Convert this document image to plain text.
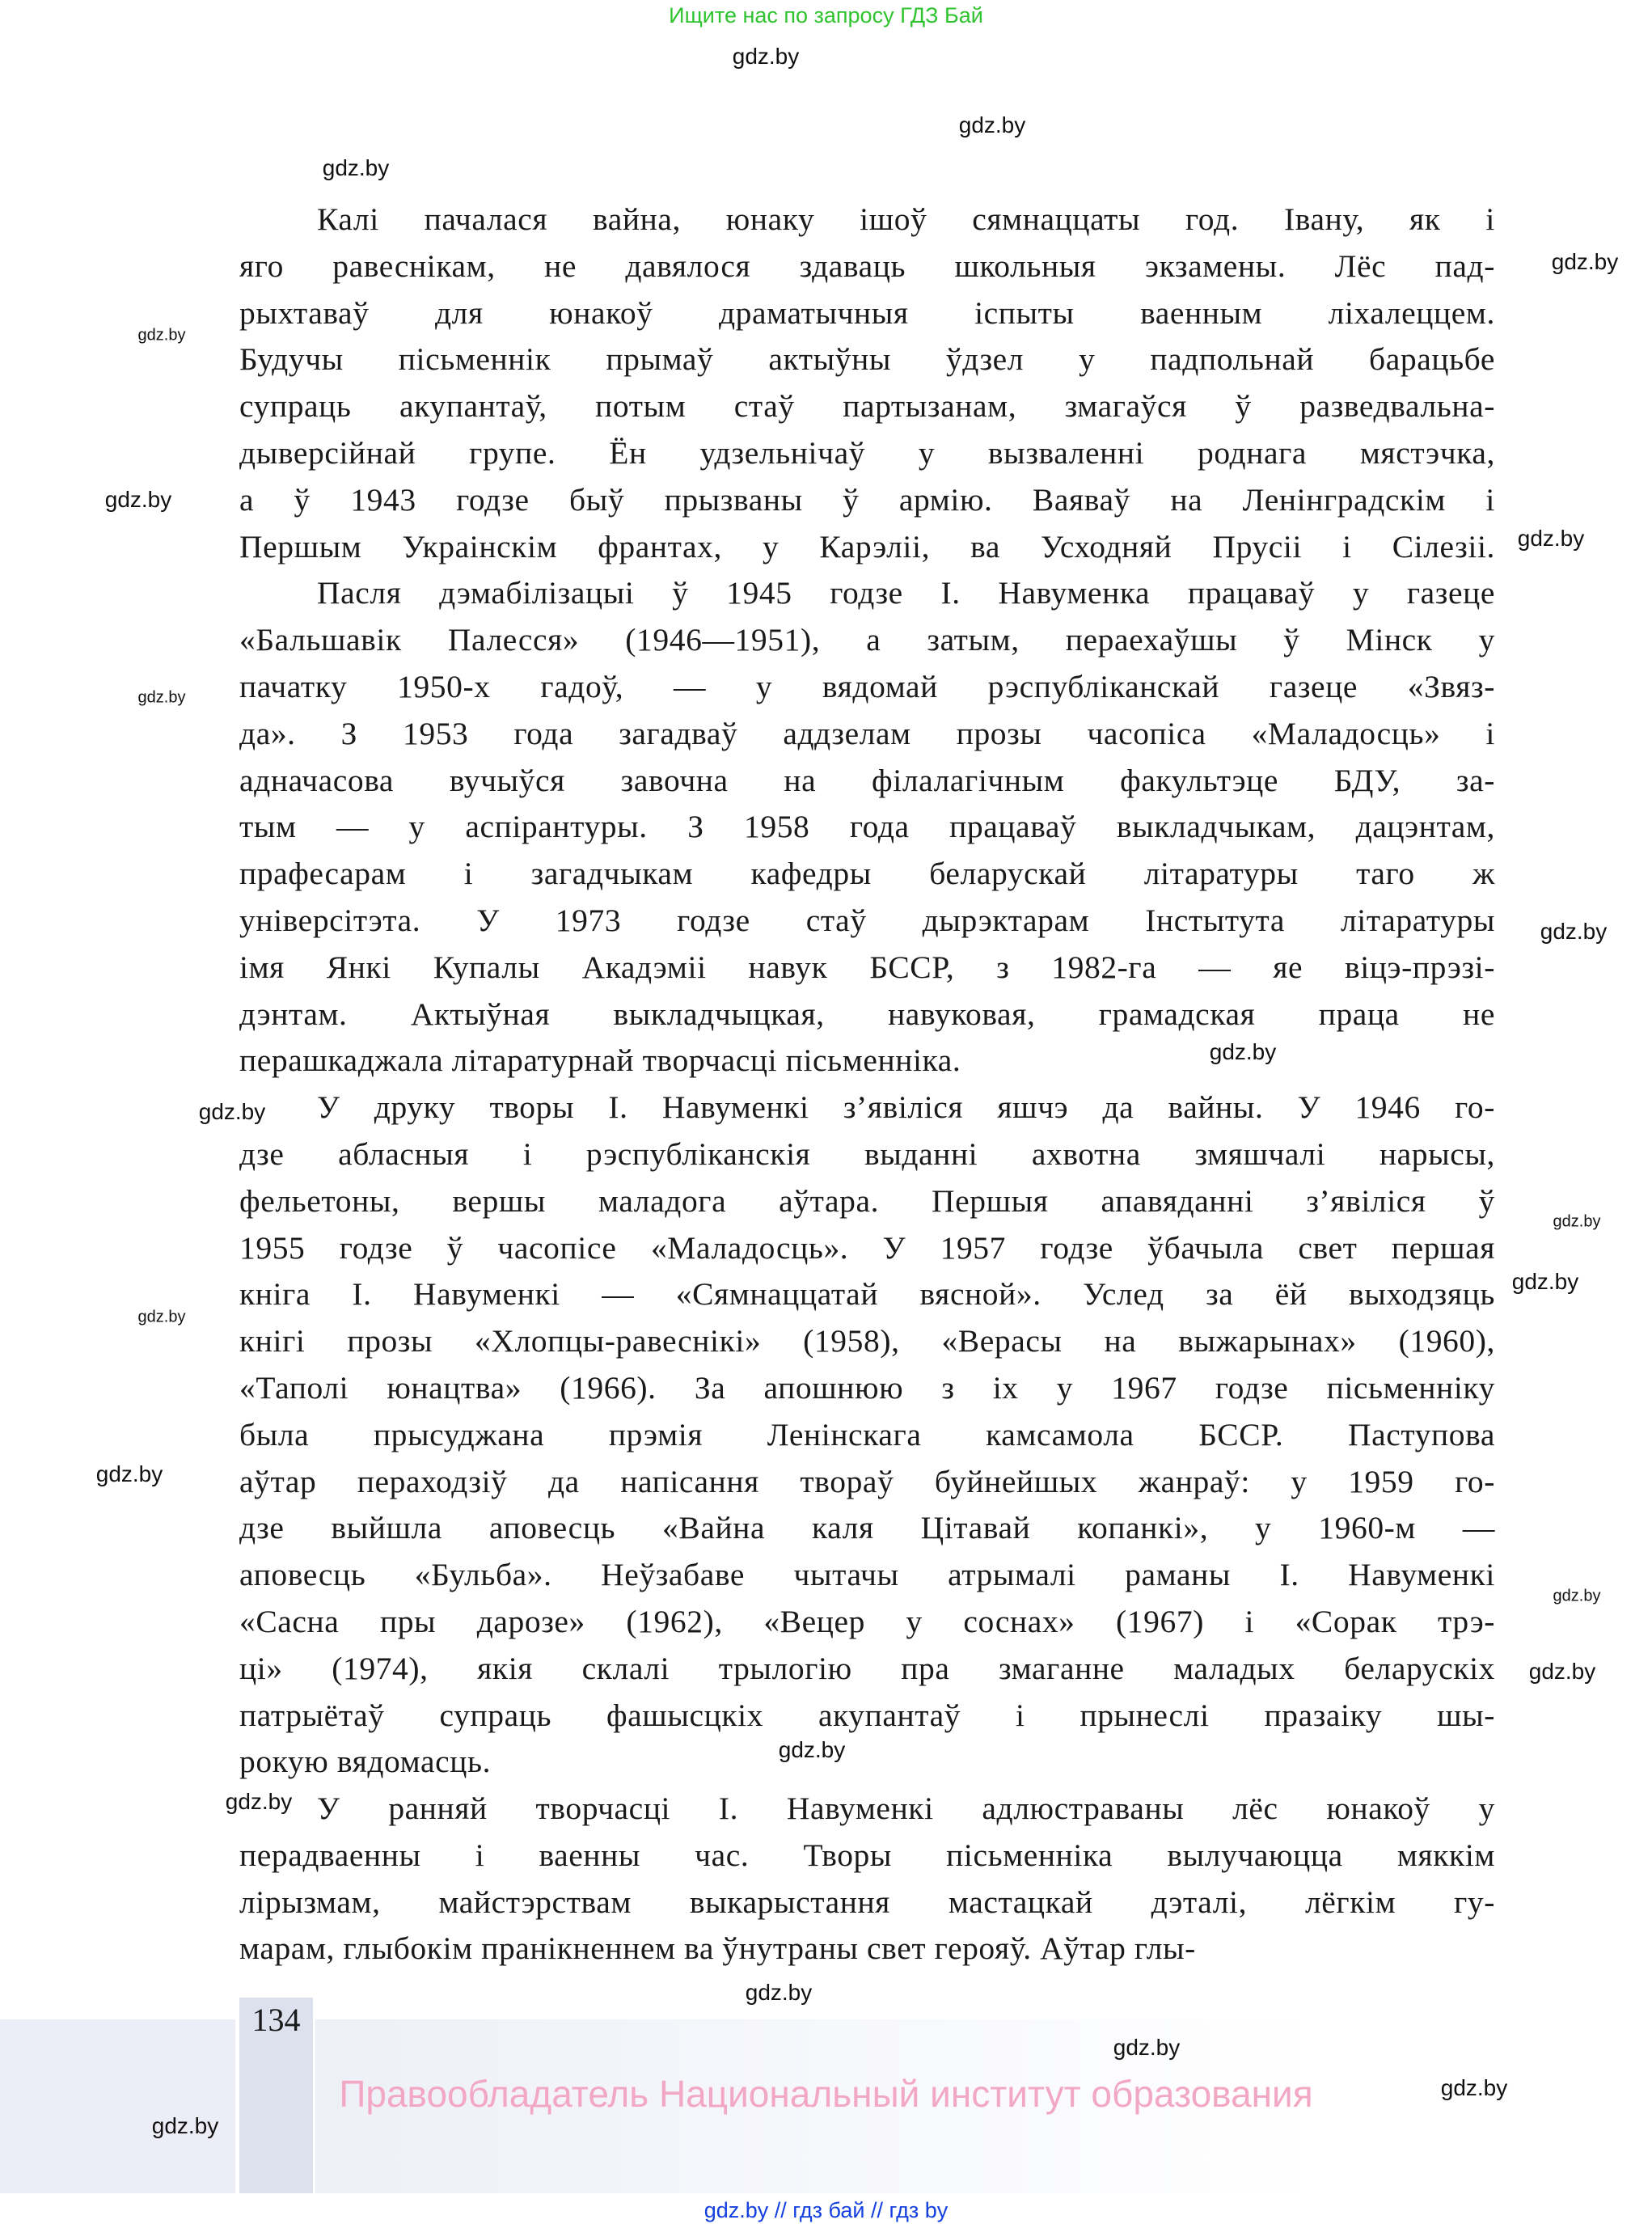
Ищите нас по запросу ГДЗ Бай
Калі пачалася вайна, юнаку ішоў сямнаццаты год. Івану, як і
яго равеснікам, не давялося здаваць школьныя экзамены. Лёс пад-
рыхтаваў для юнакоў драматычныя іспыты ваенным ліхалеццем.
Будучы пісьменнік прымаў актыўны ўдзел у падпольнай барацьбе
супраць акупантаў, потым стаў партызанам, змагаўся ў разведвальна-
дыверсійнай групе. Ён удзельнічаў у вызваленні роднага мястэчка,
а ў 1943 годзе быў прызваны ў армію. Ваяваў на Ленінградскім і
Першым Украінскім франтах, у Карэліі, ва Усходняй Прусіі і Сілезіі.
Пасля дэмабілізацыі ў 1945 годзе І. Навуменка працаваў у газеце
«Бальшавік Палесся» (1946—1951), а затым, пераехаўшы ў Мінск у
пачатку 1950-х гадоў, — у вядомай рэспубліканскай газеце «Звяз-
да». З 1953 года загадваў аддзелам прозы часопіса «Маладосць» і
адначасова вучыўся завочна на філалагічным факультэце БДУ, за-
тым — у аспірантуры. З 1958 года працаваў выкладчыкам, дацэнтам,
прафесарам і загадчыкам кафедры беларускай літаратуры таго ж
універсітэта. У 1973 годзе стаў дырэктарам Інстытута літаратуры
імя Янкі Купалы Акадэміі навук БССР, з 1982-га — яе віцэ-прэзі-
дэнтам. Актыўная выкладчыцкая, навуковая, грамадская праца не
перашкаджала літаратурнай творчасці пісьменніка.
У друку творы І. Навуменкі з’явіліся яшчэ да вайны. У 1946 го-
дзе абласныя і рэспубліканскія выданні ахвотна змяшчалі нарысы,
фельетоны, вершы маладога аўтара. Першыя апавяданні з’явіліся ў
1955 годзе ў часопісе «Маладосць». У 1957 годзе ўбачыла свет першая
кніга І. Навуменкі — «Сямнаццатай вясной». Услед за ёй выходзяць
кнігі прозы «Хлопцы-равеснікі» (1958), «Верасы на выжарынах» (1960),
«Таполі юнацтва» (1966). За апошнюю з іх у 1967 годзе пісьменніку
была прысуджана прэмія Ленінскага камсамола БССР. Паступова
аўтар пераходзіў да напісання твораў буйнейшых жанраў: у 1959 го-
дзе выйшла аповесць «Вайна каля Цітавай копанкі», у 1960-м —
аповесць «Бульба». Неўзабаве чытачы атрымалі раманы І. Навуменкі
«Сасна пры дарозе» (1962), «Вецер у соснах» (1967) і «Сорак трэ-
ці» (1974), якія склалі трылогію пра змаганне маладых беларускіх
патрыётаў супраць фашысцкіх акупантаў і прынеслі празаіку шы-
рокую вядомасць.
У ранняй творчасці І. Навуменкі адлюстраваны лёс юнакоў у
перадваенны і ваенны час. Творы пісьменніка вылучаюцца мяккім
лірызмам, майстэрствам выкарыстання мастацкай дэталі, лёгкім гу-
марам, глыбокім пранікненнем ва ўнутраны свет герояў. Аўтар глы-
134
Правообладатель Национальный институт образования
gdz.by // гдз бай // гдз by
gdz.by
gdz.by
gdz.by
gdz.by
gdz.by
gdz.by
gdz.by
gdz.by
gdz.by
gdz.by
gdz.by
gdz.by
gdz.by
gdz.by
gdz.by
gdz.by
gdz.by
gdz.by
gdz.by
gdz.by
gdz.by
gdz.by
gdz.by
